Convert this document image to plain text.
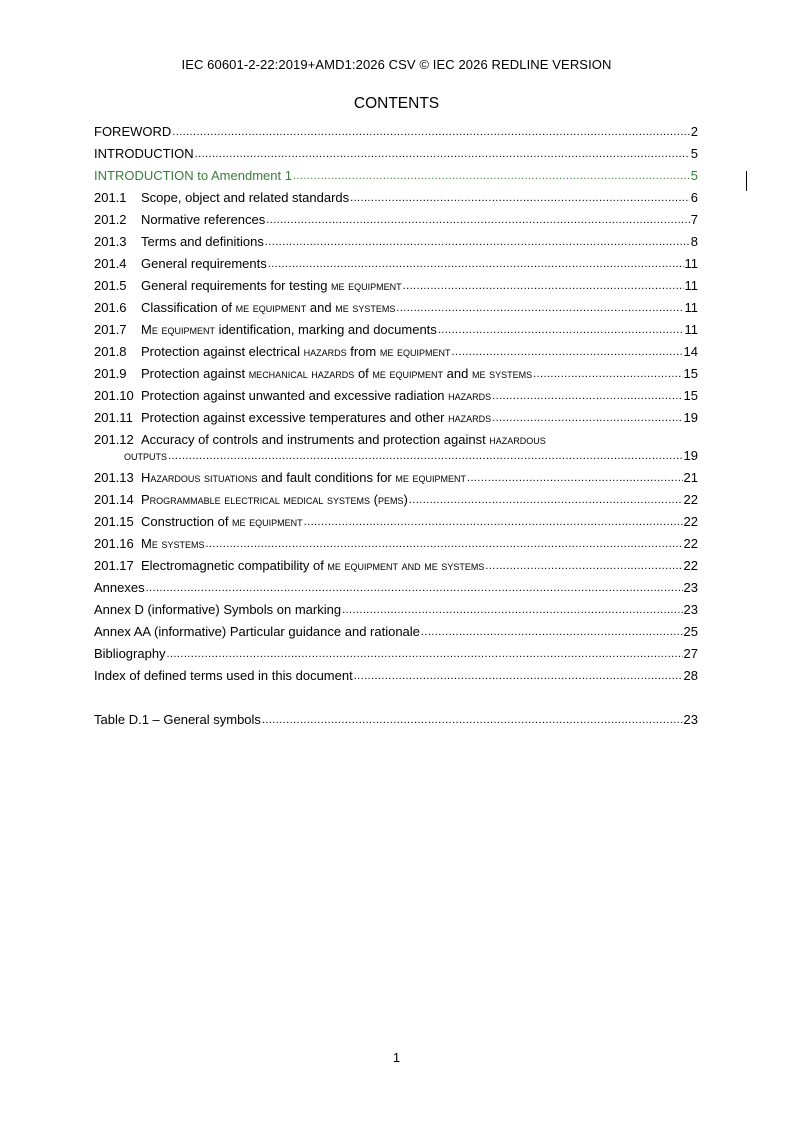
IEC 60601-2-22:2019+AMD1:2026 CSV © IEC 2026 REDLINE VERSION
CONTENTS
FOREWORD .....	2
INTRODUCTION .....	5
INTRODUCTION to Amendment 1 .....	5
201.1 Scope, object and related standards .....	6
201.2 Normative references .....	7
201.3 Terms and definitions .....	8
201.4 General requirements .....	11
201.5 General requirements for testing me equipment .....	11
201.6 Classification of me equipment and me systems .....	11
201.7 Me equipment identification, marking and documents .....	11
201.8 Protection against electrical hazards from me equipment .....	14
201.9 Protection against mechanical hazards of me equipment and me systems .....	15
201.10 Protection against unwanted and excessive radiation hazards .....	15
201.11 Protection against excessive temperatures and other hazards .....	19
201.12 Accuracy of controls and instruments and protection against hazardous
outputs .....	19
201.13 Hazardous situations and fault conditions for me equipment .....	21
201.14 Programmable electrical medical systems (pems) .....	22
201.15 Construction of me equipment .....	22
201.16 Me systems .....	22
201.17 Electromagnetic compatibility of me equipment and me systems .....	22
Annexes .....	23
Annex D (informative) Symbols on marking .....	23
Annex AA (informative) Particular guidance and rationale .....	25
Bibliography .....	27
Index of defined terms used in this document .....	28
Table D.1 – General symbols .....	23
1
